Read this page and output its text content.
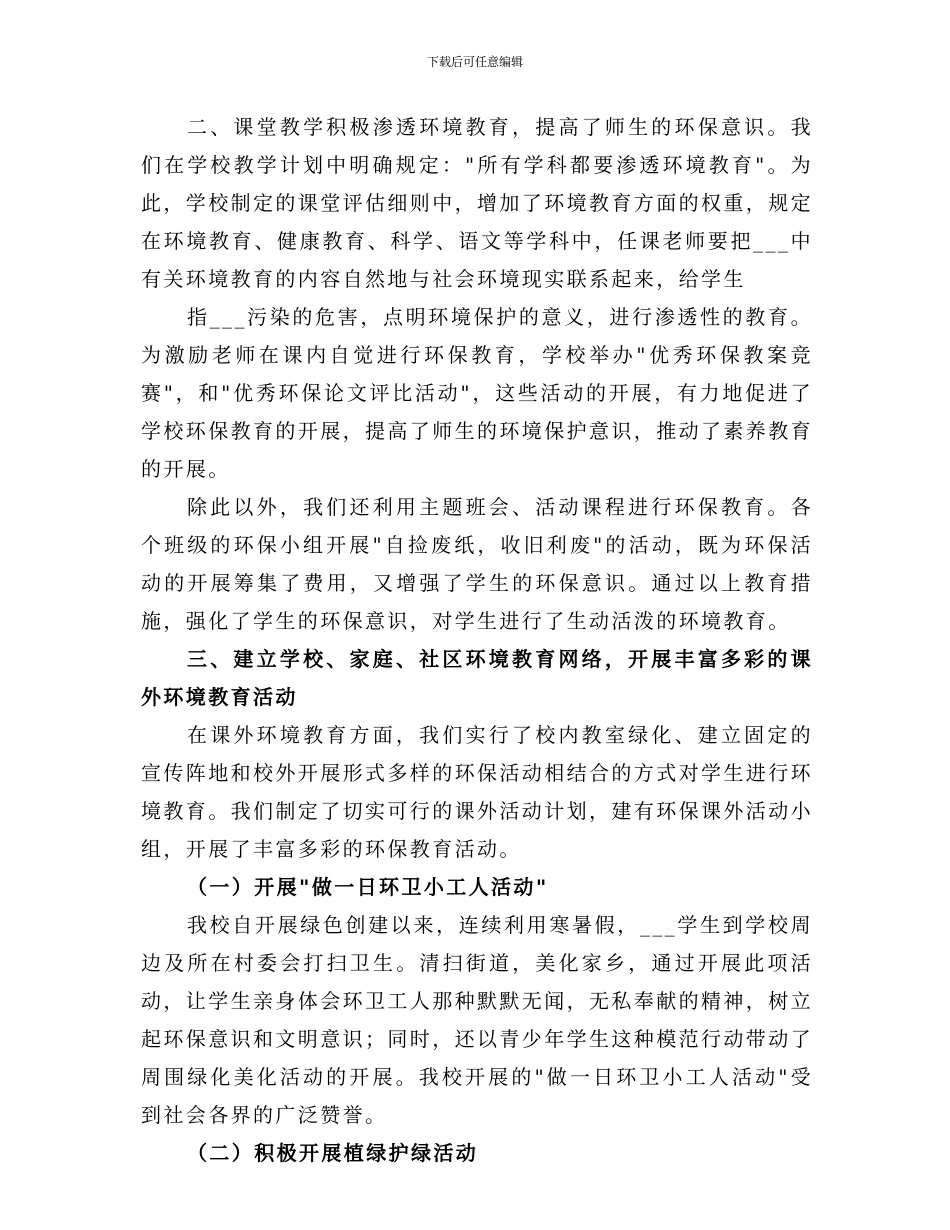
下载后可任意编辑

二、课堂教学积极渗透环境教育，提高了师生的环保意识。我们在学校教学计划中明确规定："所有学科都要渗透环境教育"。为此，学校制定的课堂评估细则中，增加了环境教育方面的权重，规定在环境教育、健康教育、科学、语文等学科中，任课老师要把___中有关环境教育的内容自然地与社会环境现实联系起来，给学生

指___污染的危害，点明环境保护的意义，进行渗透性的教育。为激励老师在课内自觉进行环保教育，学校举办"优秀环保教案竞赛"，和"优秀环保论文评比活动"，这些活动的开展，有力地促进了学校环保教育的开展，提高了师生的环境保护意识，推动了素养教育的开展。

除此以外，我们还利用主题班会、活动课程进行环保教育。各个班级的环保小组开展"自捡废纸，收旧利废"的活动，既为环保活动的开展筹集了费用，又增强了学生的环保意识。通过以上教育措施，强化了学生的环保意识，对学生进行了生动活泼的环境教育。

三、建立学校、家庭、社区环境教育网络，开展丰富多彩的课外环境教育活动

在课外环境教育方面，我们实行了校内教室绿化、建立固定的宣传阵地和校外开展形式多样的环保活动相结合的方式对学生进行环境教育。我们制定了切实可行的课外活动计划，建有环保课外活动小组，开展了丰富多彩的环保教育活动。

（一）开展"做一日环卫小工人活动"

我校自开展绿色创建以来，连续利用寒暑假，___学生到学校周边及所在村委会打扫卫生。清扫街道，美化家乡，通过开展此项活动，让学生亲身体会环卫工人那种默默无闻，无私奉献的精神，树立起环保意识和文明意识；同时，还以青少年学生这种模范行动带动了周围绿化美化活动的开展。我校开展的"做一日环卫小工人活动"受到社会各界的广泛赞誉。

（二）积极开展植绿护绿活动
